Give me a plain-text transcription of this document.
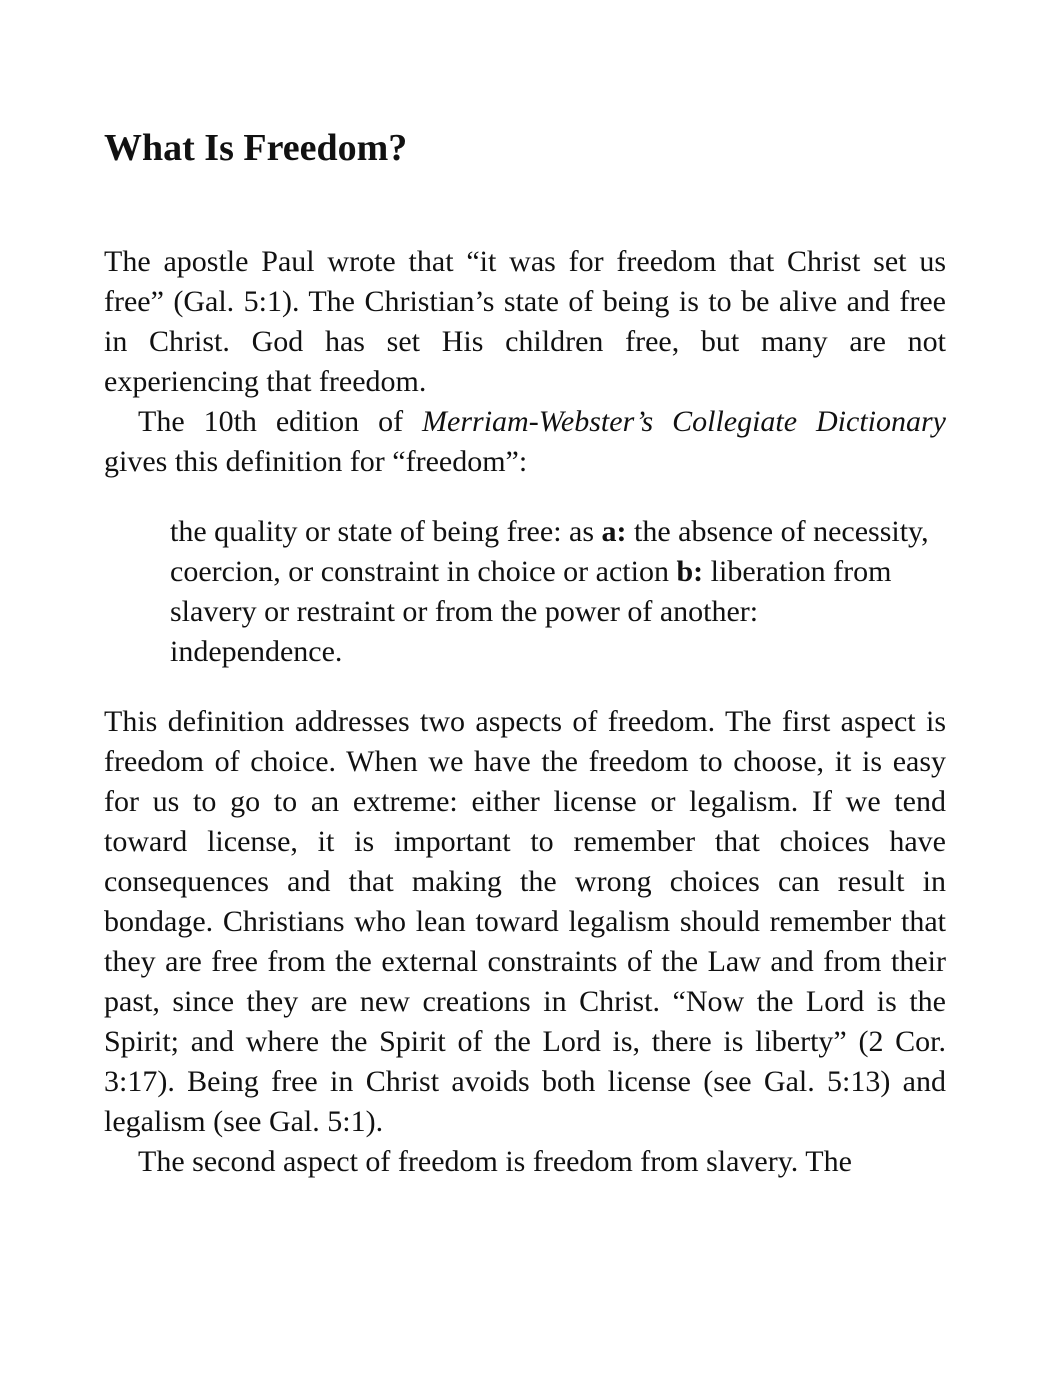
What Is Freedom?

The apostle Paul wrote that “it was for freedom that Christ set us free” (Gal. 5:1). The Christian’s state of being is to be alive and free in Christ. God has set His children free, but many are not experiencing that freedom.

The 10th edition of Merriam-Webster’s Collegiate Dictionary gives this definition for “freedom”:

the quality or state of being free: as a: the absence of necessity, coercion, or constraint in choice or action b: liberation from slavery or restraint or from the power of another: independence.

This definition addresses two aspects of freedom. The first aspect is freedom of choice. When we have the freedom to choose, it is easy for us to go to an extreme: either license or legalism. If we tend toward license, it is important to remember that choices have consequences and that making the wrong choices can result in bondage. Christians who lean toward legalism should remember that they are free from the external constraints of the Law and from their past, since they are new creations in Christ. “Now the Lord is the Spirit; and where the Spirit of the Lord is, there is liberty” (2 Cor. 3:17). Being free in Christ avoids both license (see Gal. 5:13) and legalism (see Gal. 5:1).

The second aspect of freedom is freedom from slavery. The
